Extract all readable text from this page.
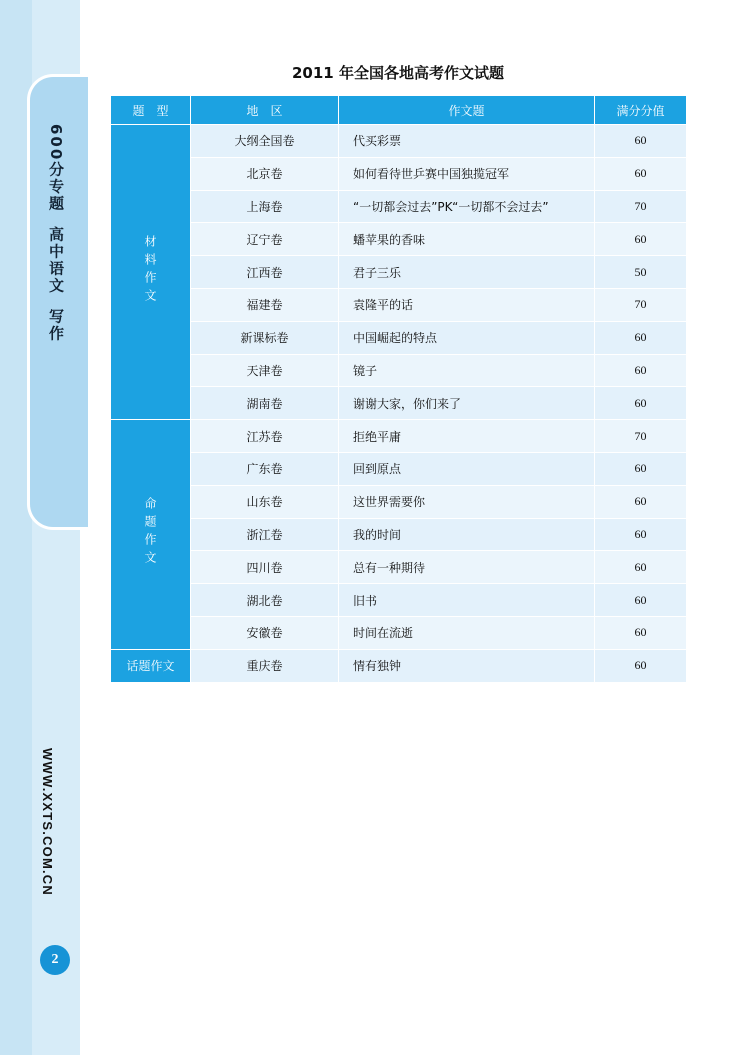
600分专题高中语文写作
WWW.XXTS.COM.CN
2
2011 年全国各地高考作文试题
题　型	地　区	作文题	满分分值
材料作文	大纲全国卷	代买彩票	60
	北京卷	如何看待世乒赛中国独揽冠军	60
	上海卷	“一切都会过去”PK“一切都不会过去”	70
	辽宁卷	蟠苹果的香味	60
	江西卷	君子三乐	50
	福建卷	袁隆平的话	70
	新课标卷	中国崛起的特点	60
	天津卷	镜子	60
	湖南卷	谢谢大家，你们来了	60
命题作文	江苏卷	拒绝平庸	70
	广东卷	回到原点	60
	山东卷	这世界需要你	60
	浙江卷	我的时间	60
	四川卷	总有一种期待	60
	湖北卷	旧书	60
	安徽卷	时间在流逝	60
话题作文	重庆卷	情有独钟	60
